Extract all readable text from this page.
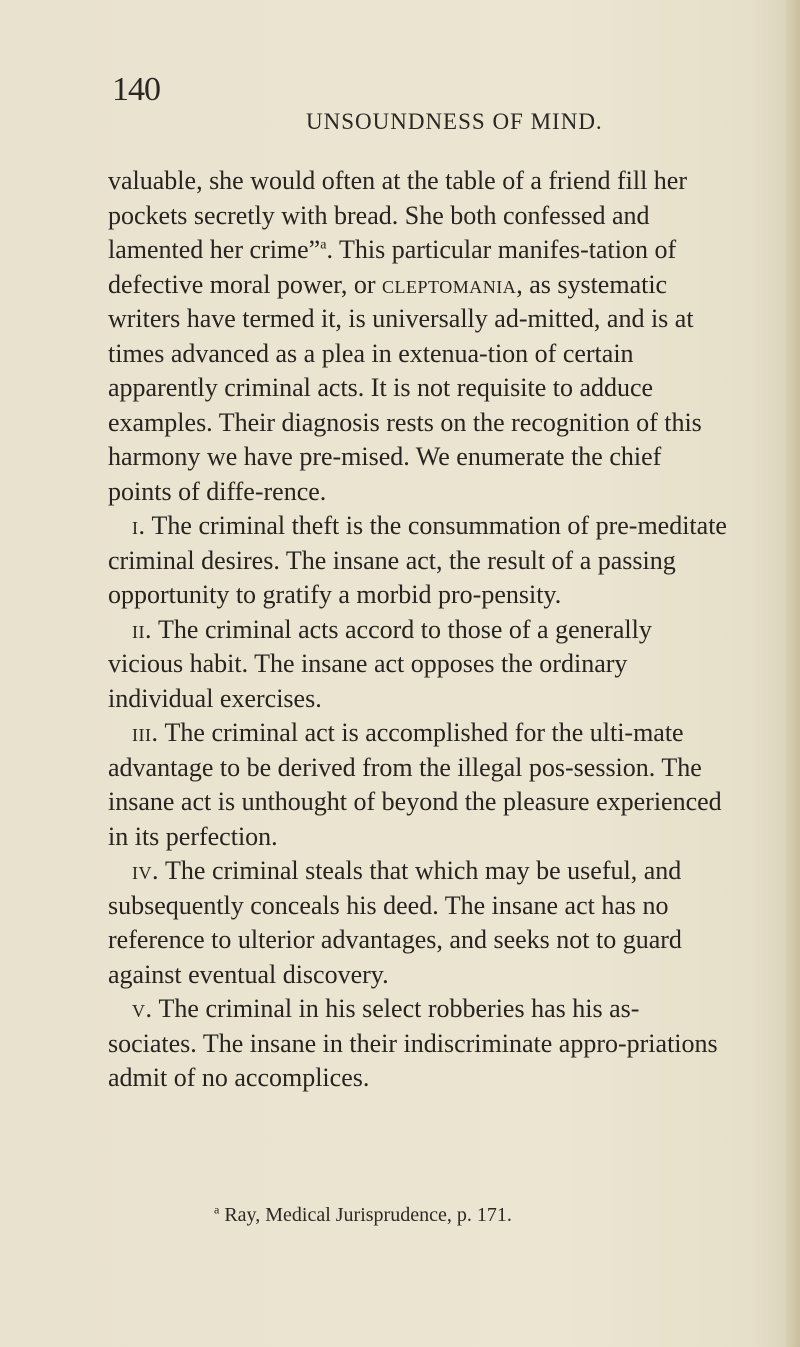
140
UNSOUNDNESS OF MIND.

valuable, she would often at the table of a friend fill her pockets secretly with bread. She both confessed and lamented her crime”$^a$. This particular manifes-tation of defective moral power, or cleptomania, as systematic writers have termed it, is universally ad-mitted, and is at times advanced as a plea in extenua-tion of certain apparently criminal acts. It is not requisite to adduce examples. Their diagnosis rests on the recognition of this harmony we have pre-mised. We enumerate the chief points of diffe-rence.

i. The criminal theft is the consummation of pre-meditate criminal desires. The insane act, the result of a passing opportunity to gratify a morbid pro-pensity.

ii. The criminal acts accord to those of a generally vicious habit. The insane act opposes the ordinary individual exercises.

iii. The criminal act is accomplished for the ulti-mate advantage to be derived from the illegal pos-session. The insane act is unthought of beyond the pleasure experienced in its perfection.

iv. The criminal steals that which may be useful, and subsequently conceals his deed. The insane act has no reference to ulterior advantages, and seeks not to guard against eventual discovery.

v. The criminal in his select robberies has his as-sociates. The insane in their indiscriminate appro-priations admit of no accomplices.

$^a$ Ray, Medical Jurisprudence, p. 171.
